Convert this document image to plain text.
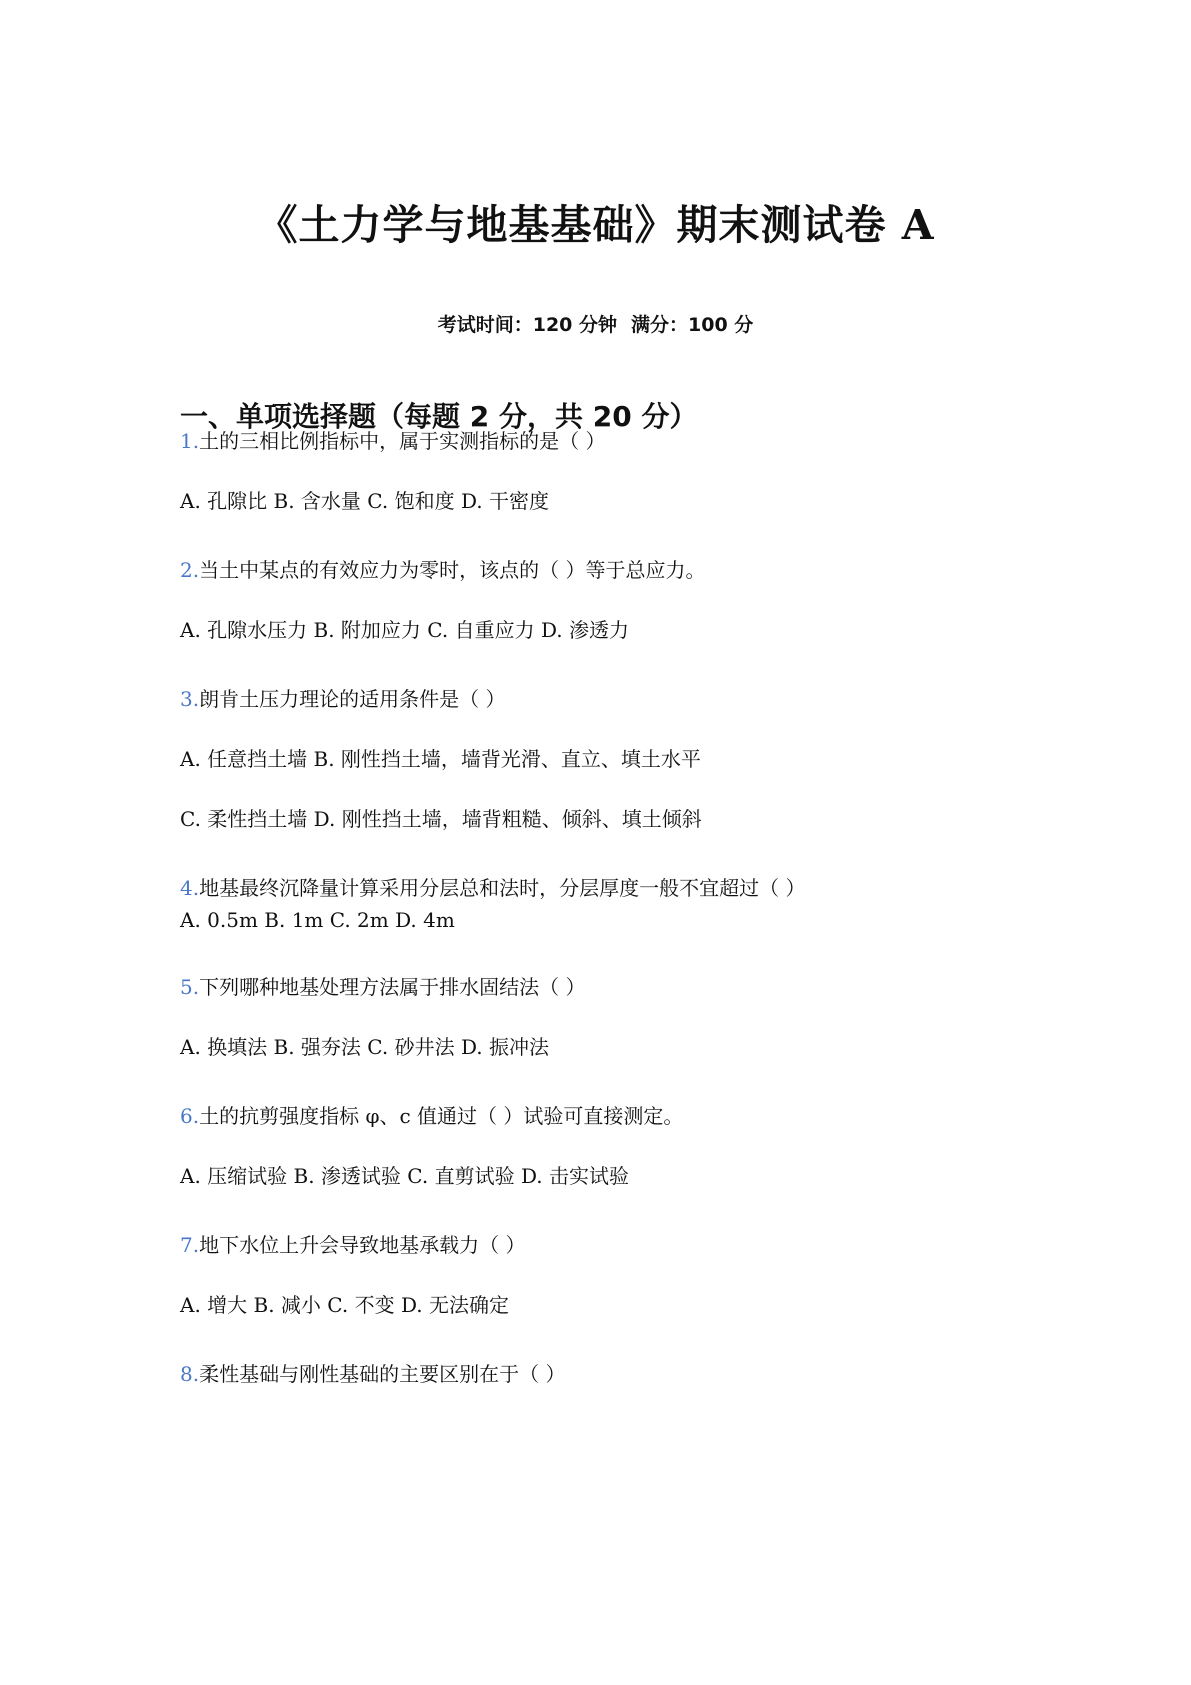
《土力学与地基基础》期末测试卷 A
考试时间：120 分钟 满分：100 分
一、单项选择题（每题 2 分，共 20 分）
1.土的三相比例指标中，属于实测指标的是（ ）
A. 孔隙比 B. 含水量 C. 饱和度 D. 干密度
2.当土中某点的有效应力为零时，该点的（ ）等于总应力。
A. 孔隙水压力 B. 附加应力 C. 自重应力 D. 渗透力
3.朗肯土压力理论的适用条件是（ ）
A. 任意挡土墙 B. 刚性挡土墙，墙背光滑、直立、填土水平
C. 柔性挡土墙 D. 刚性挡土墙，墙背粗糙、倾斜、填土倾斜
4.地基最终沉降量计算采用分层总和法时，分层厚度一般不宜超过（ ）
A. 0.5m B. 1m C. 2m D. 4m
5.下列哪种地基处理方法属于排水固结法（ ）
A. 换填法 B. 强夯法 C. 砂井法 D. 振冲法
6.土的抗剪强度指标 φ、c 值通过（ ）试验可直接测定。
A. 压缩试验 B. 渗透试验 C. 直剪试验 D. 击实试验
7.地下水位上升会导致地基承载力（ ）
A. 增大 B. 减小 C. 不变 D. 无法确定
8.柔性基础与刚性基础的主要区别在于（ ）
